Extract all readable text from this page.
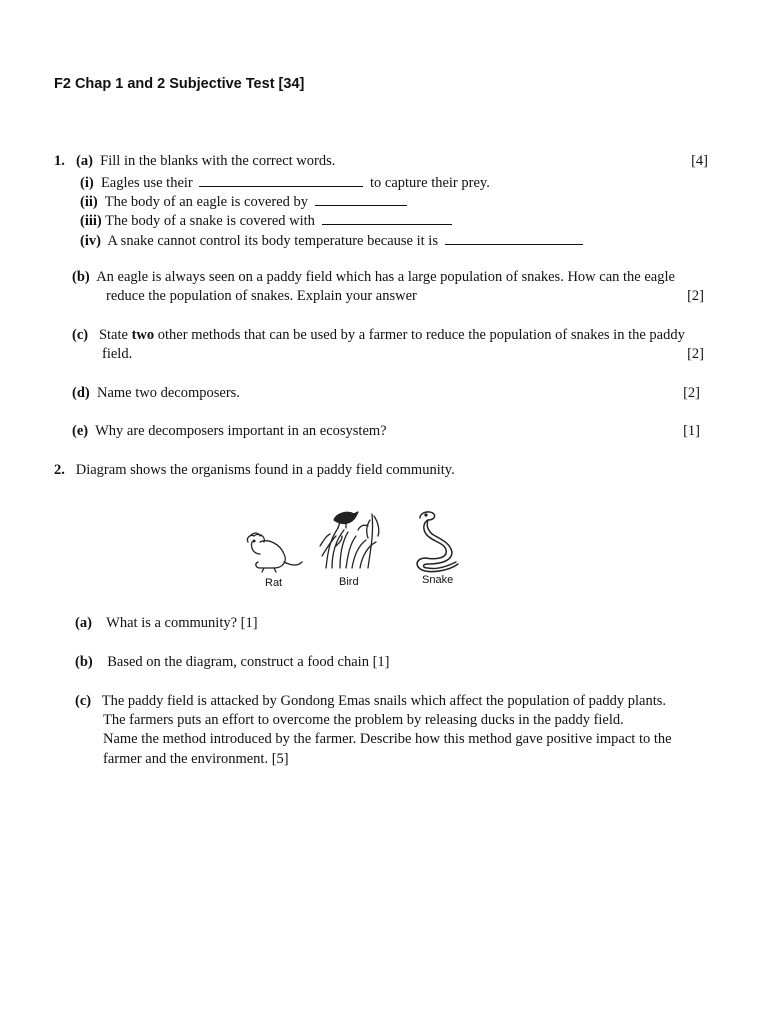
F2 Chap 1 and 2 Subjective Test [34]
1. (a) Fill in the blanks with the correct words.	[4]
(i) Eagles use their	to capture their prey.
(ii) The body of an eagle is covered by
(iii) The body of a snake is covered with
(iv) A snake cannot control its body temperature because it is
(b) An eagle is always seen on a paddy field which has a large population of snakes. How can the eagle
reduce the population of snakes. Explain your answer	[2]
(c) State two other methods that can be used by a farmer to reduce the population of snakes in the paddy
field.	[2]
(d) Name two decomposers.	[2]
(e) Why are decomposers important in an ecosystem?	[1]
2. Diagram shows the organisms found in a paddy field community.
Rat	Bird	Snake
(a) What is a community? [1]
(b) Based on the diagram, construct a food chain [1]
(c) The paddy field is attacked by Gondong Emas snails which affect the population of paddy plants.
The farmers puts an effort to overcome the problem by releasing ducks in the paddy field.
Name the method introduced by the farmer. Describe how this method gave positive impact to the
farmer and the environment. [5]
